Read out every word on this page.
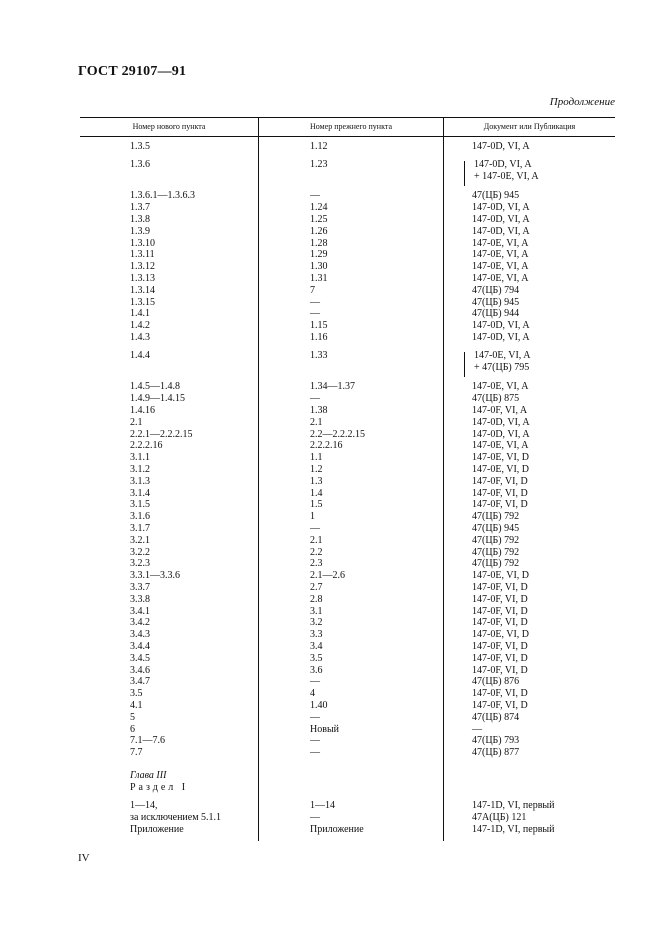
ГОСТ 29107—91
Продолжение
Номер нового пункта	Номер прежнего пункта	Документ или Публикация
1.3.5	1.12	147-0D, VI, A
1.3.6	1.23	147-0D, VI, A
+ 147-0E, VI, A
1.3.6.1—1.3.6.3	—	47(ЦБ) 945
1.3.7	1.24	147-0D, VI, A
1.3.8	1.25	147-0D, VI, A
1.3.9	1.26	147-0D, VI, A
1.3.10	1.28	147-0E, VI, A
1.3.11	1.29	147-0E, VI, A
1.3.12	1.30	147-0E, VI, A
1.3.13	1.31	147-0E, VI, A
1.3.14	7	47(ЦБ) 794
1.3.15	—	47(ЦБ) 945
1.4.1	—	47(ЦБ) 944
1.4.2	1.15	147-0D, VI, A
1.4.3	1.16	147-0D, VI, A
1.4.4	1.33	147-0E, VI, A
+ 47(ЦБ) 795
1.4.5—1.4.8	1.34—1.37	147-0E, VI, A
1.4.9—1.4.15	—	47(ЦБ) 875
1.4.16	1.38	147-0F, VI, A
2.1	2.1	147-0D, VI, A
2.2.1—2.2.2.15	2.2—2.2.2.15	147-0D, VI, A
2.2.2.16	2.2.2.16	147-0E, VI, A
3.1.1	1.1	147-0E, VI, D
3.1.2	1.2	147-0E, VI, D
3.1.3	1.3	147-0F, VI, D
3.1.4	1.4	147-0F, VI, D
3.1.5	1.5	147-0F, VI, D
3.1.6	1	47(ЦБ) 792
3.1.7	—	47(ЦБ) 945
3.2.1	2.1	47(ЦБ) 792
3.2.2	2.2	47(ЦБ) 792
3.2.3	2.3	47(ЦБ) 792
3.3.1—3.3.6	2.1—2.6	147-0E, VI, D
3.3.7	2.7	147-0F, VI, D
3.3.8	2.8	147-0F, VI, D
3.4.1	3.1	147-0F, VI, D
3.4.2	3.2	147-0F, VI, D
3.4.3	3.3	147-0E, VI, D
3.4.4	3.4	147-0F, VI, D
3.4.5	3.5	147-0F, VI, D
3.4.6	3.6	147-0F, VI, D
3.4.7	—	47(ЦБ) 876
3.5	4	147-0F, VI, D
4.1	1.40	147-0F, VI, D
5	—	47(ЦБ) 874
6	Новый	—
7.1—7.6	—	47(ЦБ) 793
7.7	—	47(ЦБ) 877
1—14,	1—14	147-1D, VI, первый
за исключением 5.1.1	—	47А(ЦБ) 121
Приложение	Приложение	147-1D, VI, первый
Глава III
Раздел I
IV
